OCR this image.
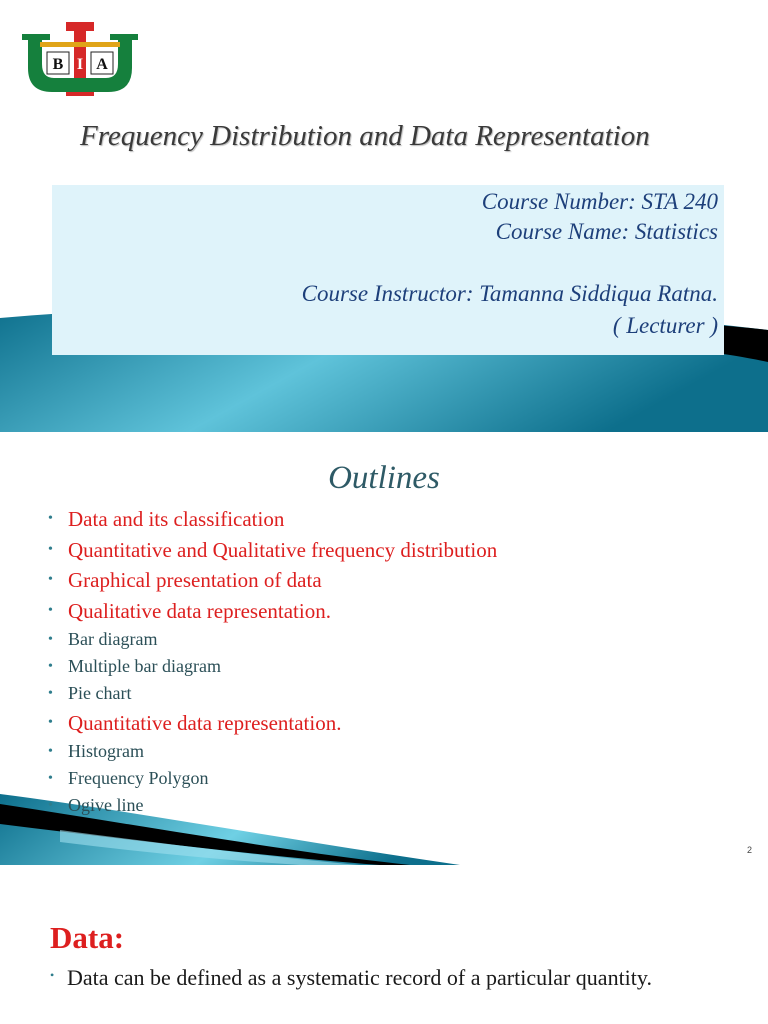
B I A
Frequency Distribution and Data Representation

Course Number: STA 240

Course Name: Statistics

Course Instructor: Tamanna Siddiqua Ratna.

( Lecturer )

Outlines
• Data and its classification
• Quantitative and Qualitative frequency distribution
• Graphical presentation of data
• Qualitative data representation.
• Bar diagram
• Multiple bar diagram
• Pie chart
• Quantitative data representation.
• Histogram
• Frequency Polygon
• Ogive line
2
Data:
• Data can be defined as a systematic record of a particular quantity.
